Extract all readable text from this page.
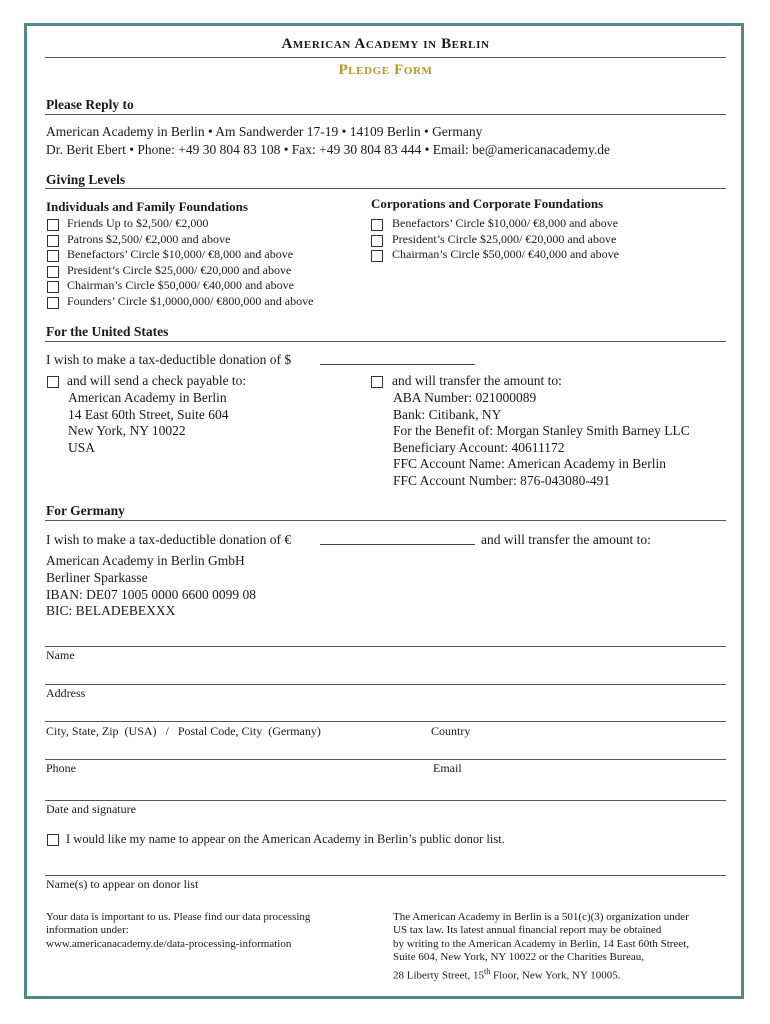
American Academy in Berlin
Pledge Form
Please Reply to
American Academy in Berlin • Am Sandwerder 17-19 • 14109 Berlin • Germany
Dr. Berit Ebert • Phone: +49 30 804 83 108 • Fax: +49 30 804 83 444 • Email: be@americanacademy.de
Giving Levels
Individuals and Family Foundations	Corporations and Corporate Foundations
Friends Up to $2,500/ €2,000
Patrons $2,500/ €2,000 and above
Benefactors’ Circle $10,000/ €8,000 and above
President’s Circle $25,000/ €20,000 and above
Chairman’s Circle $50,000/ €40,000 and above
Founders’ Circle $1,0000,000/ €800,000 and above
Benefactors’ Circle $10,000/ €8,000 and above
President’s Circle $25,000/ €20,000 and above
Chairman’s Circle $50,000/ €40,000 and above
For the United States
I wish to make a tax-deductible donation of $
and will send a check payable to:
American Academy in Berlin
14 East 60th Street, Suite 604
New York, NY 10022
USA
and will transfer the amount to:
ABA Number: 021000089
Bank: Citibank, NY
For the Benefit of: Morgan Stanley Smith Barney LLC
Beneficiary Account: 40611172
FFC Account Name: American Academy in Berlin
FFC Account Number: 876-043080-491
For Germany
I wish to make a tax-deductible donation of €	and will transfer the amount to:
American Academy in Berlin GmbH
Berliner Sparkasse
IBAN: DE07 1005 0000 6600 0099 08
BIC: BELADEBEXXX
Name
Address
City, State, Zip  (USA)   /   Postal Code, City  (Germany)	Country
Phone	Email
Date and signature
I would like my name to appear on the American Academy in Berlin’s public donor list.
Name(s) to appear on donor list
Your data is important to us. Please find our data processing
information under:
www.americanacademy.de/data-processing-information
The American Academy in Berlin is a 501(c)(3) organization under
US tax law. Its latest annual financial report may be obtained
by writing to the American Academy in Berlin, 14 East 60th Street,
Suite 604, New York, NY 10022 or the Charities Bureau,
28 Liberty Street, 15th Floor, New York, NY 10005.
